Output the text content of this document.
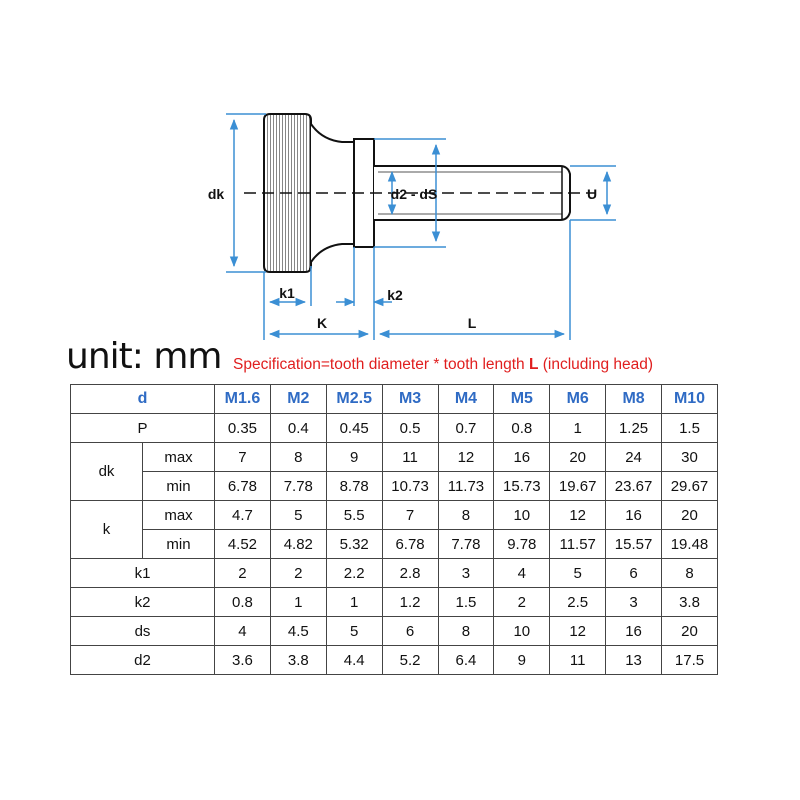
dk	d2 - dS	U
k1	k2
K	L
unit: mm Specification=tooth diameter * tooth length L (including head)
d		M1.6	M2	M2.5	M3	M4	M5	M6	M8	M10
P		0.35	0.4	0.45	0.5	0.7	0.8	1	1.25	1.5
dk	max	7	8	9	11	12	16	20	24	30
	min	6.78	7.78	8.78	10.73	11.73	15.73	19.67	23.67	29.67
k	max	4.7	5	5.5	7	8	10	12	16	20
	min	4.52	4.82	5.32	6.78	7.78	9.78	11.57	15.57	19.48
k1		2	2	2.2	2.8	3	4	5	6	8
k2		0.8	1	1	1.2	1.5	2	2.5	3	3.8
ds		4	4.5	5	6	8	10	12	16	20
d2		3.6	3.8	4.4	5.2	6.4	9	11	13	17.5
